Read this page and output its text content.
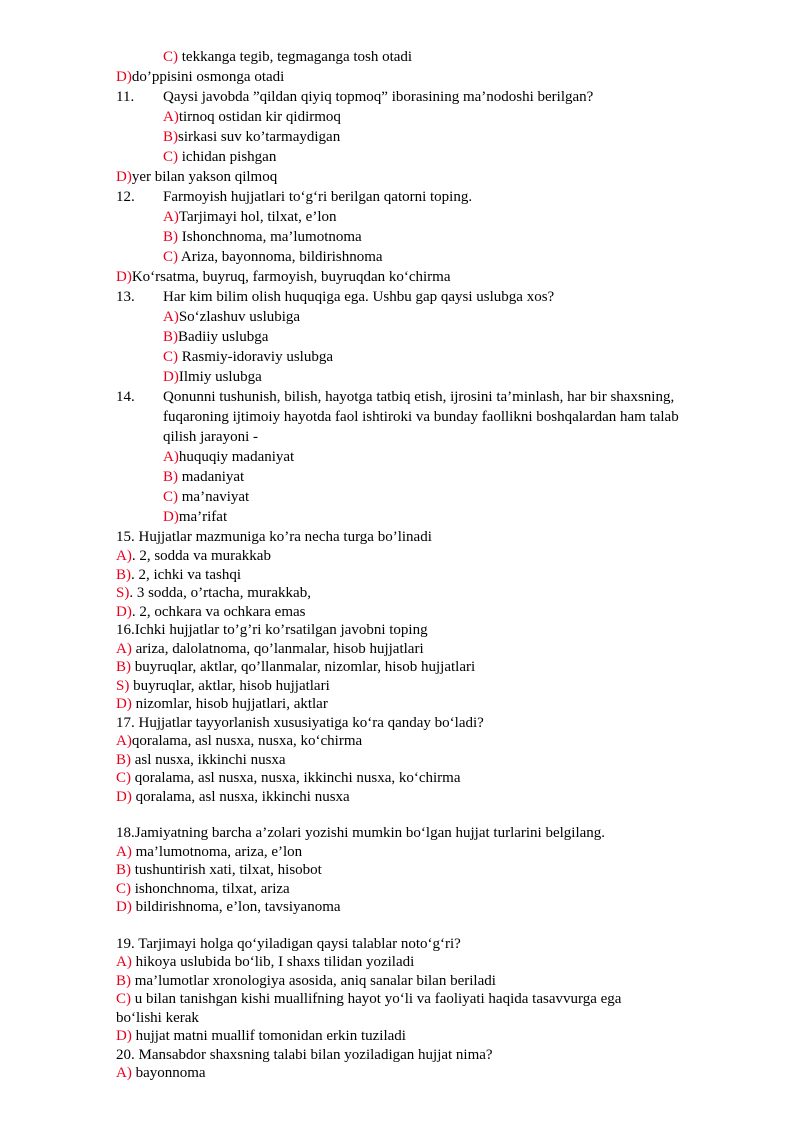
C) tekkanga tegib, tegmaganga tosh otadi
D)do’ppisini osmonga otadi
11. Qaysi javobda ”qildan qiyiq topmoq” iborasining ma’nodoshi berilgan?
A)tirnoq ostidan kir qidirmoq
B)sirkasi suv ko’tarmaydigan
C) ichidan pishgan
D)yer bilan yakson qilmoq
12. Farmoyish hujjatlari to‘g‘ri berilgan qatorni toping.
A)Tarjimayi hol, tilxat, e’lon
B) Ishonchnoma, ma’lumotnoma
C) Ariza, bayonnoma, bildirishnoma
D)Ko‘rsatma, buyruq, farmoyish, buyruqdan ko‘chirma
13. Har kim bilim olish huquqiga ega. Ushbu gap qaysi uslubga xos?
A)So‘zlashuv uslubiga
B)Badiiy uslubga
C) Rasmiy-idoraviy uslubga
D)Ilmiy uslubga
14. Qonunni tushunish, bilish, hayotga tatbiq etish, ijrosini ta’minlash, har bir shaxsning,
fuqaroning ijtimoiy hayotda faol ishtiroki va bunday faollikni boshqalardan ham talab
qilish jarayoni -
A)huquqiy madaniyat
B) madaniyat
C) ma’naviyat
D)ma’rifat
15. Hujjatlar mazmuniga ko’ra necha turga bo’linadi
A). 2, sodda va murakkab
B). 2, ichki va tashqi
S). 3 sodda, o’rtacha, murakkab,
D). 2, ochkara va ochkara emas
16.Ichki hujjatlar to’g’ri ko’rsatilgan javobni toping
A) ariza, dalolatnoma, qo’lanmalar, hisob hujjatlari
B) buyruqlar, aktlar, qo’llanmalar, nizomlar, hisob hujjatlari
S) buyruqlar, aktlar, hisob hujjatlari
D) nizomlar, hisob hujjatlari, aktlar
17. Hujjatlar tayyorlanish xususiyatiga ko‘ra qanday bo‘ladi?
A)qoralama, asl nusxa, nusxa, ko‘chirma
B) asl nusxa, ikkinchi nusxa
C) qoralama, asl nusxa, nusxa, ikkinchi nusxa, ko‘chirma
D) qoralama, asl nusxa, ikkinchi nusxa
18.Jamiyatning barcha a’zolari yozishi mumkin bo‘lgan hujjat turlarini belgilang.
A) ma’lumotnoma, ariza, e’lon
B) tushuntirish xati, tilxat, hisobot
C) ishonchnoma, tilxat, ariza
D) bildirishnoma, e’lon, tavsiyanoma
19. Tarjimayi holga qo‘yiladigan qaysi talablar noto‘g‘ri?
A) hikoya uslubida bo‘lib, I shaxs tilidan yoziladi
B) ma’lumotlar xronologiya asosida, aniq sanalar bilan beriladi
C) u bilan tanishgan kishi muallifning hayot yo‘li va faoliyati haqida tasavvurga ega
bo‘lishi kerak
D) hujjat matni muallif tomonidan erkin tuziladi
20. Mansabdor shaxsning talabi bilan yoziladigan hujjat nima?
A) bayonnoma
